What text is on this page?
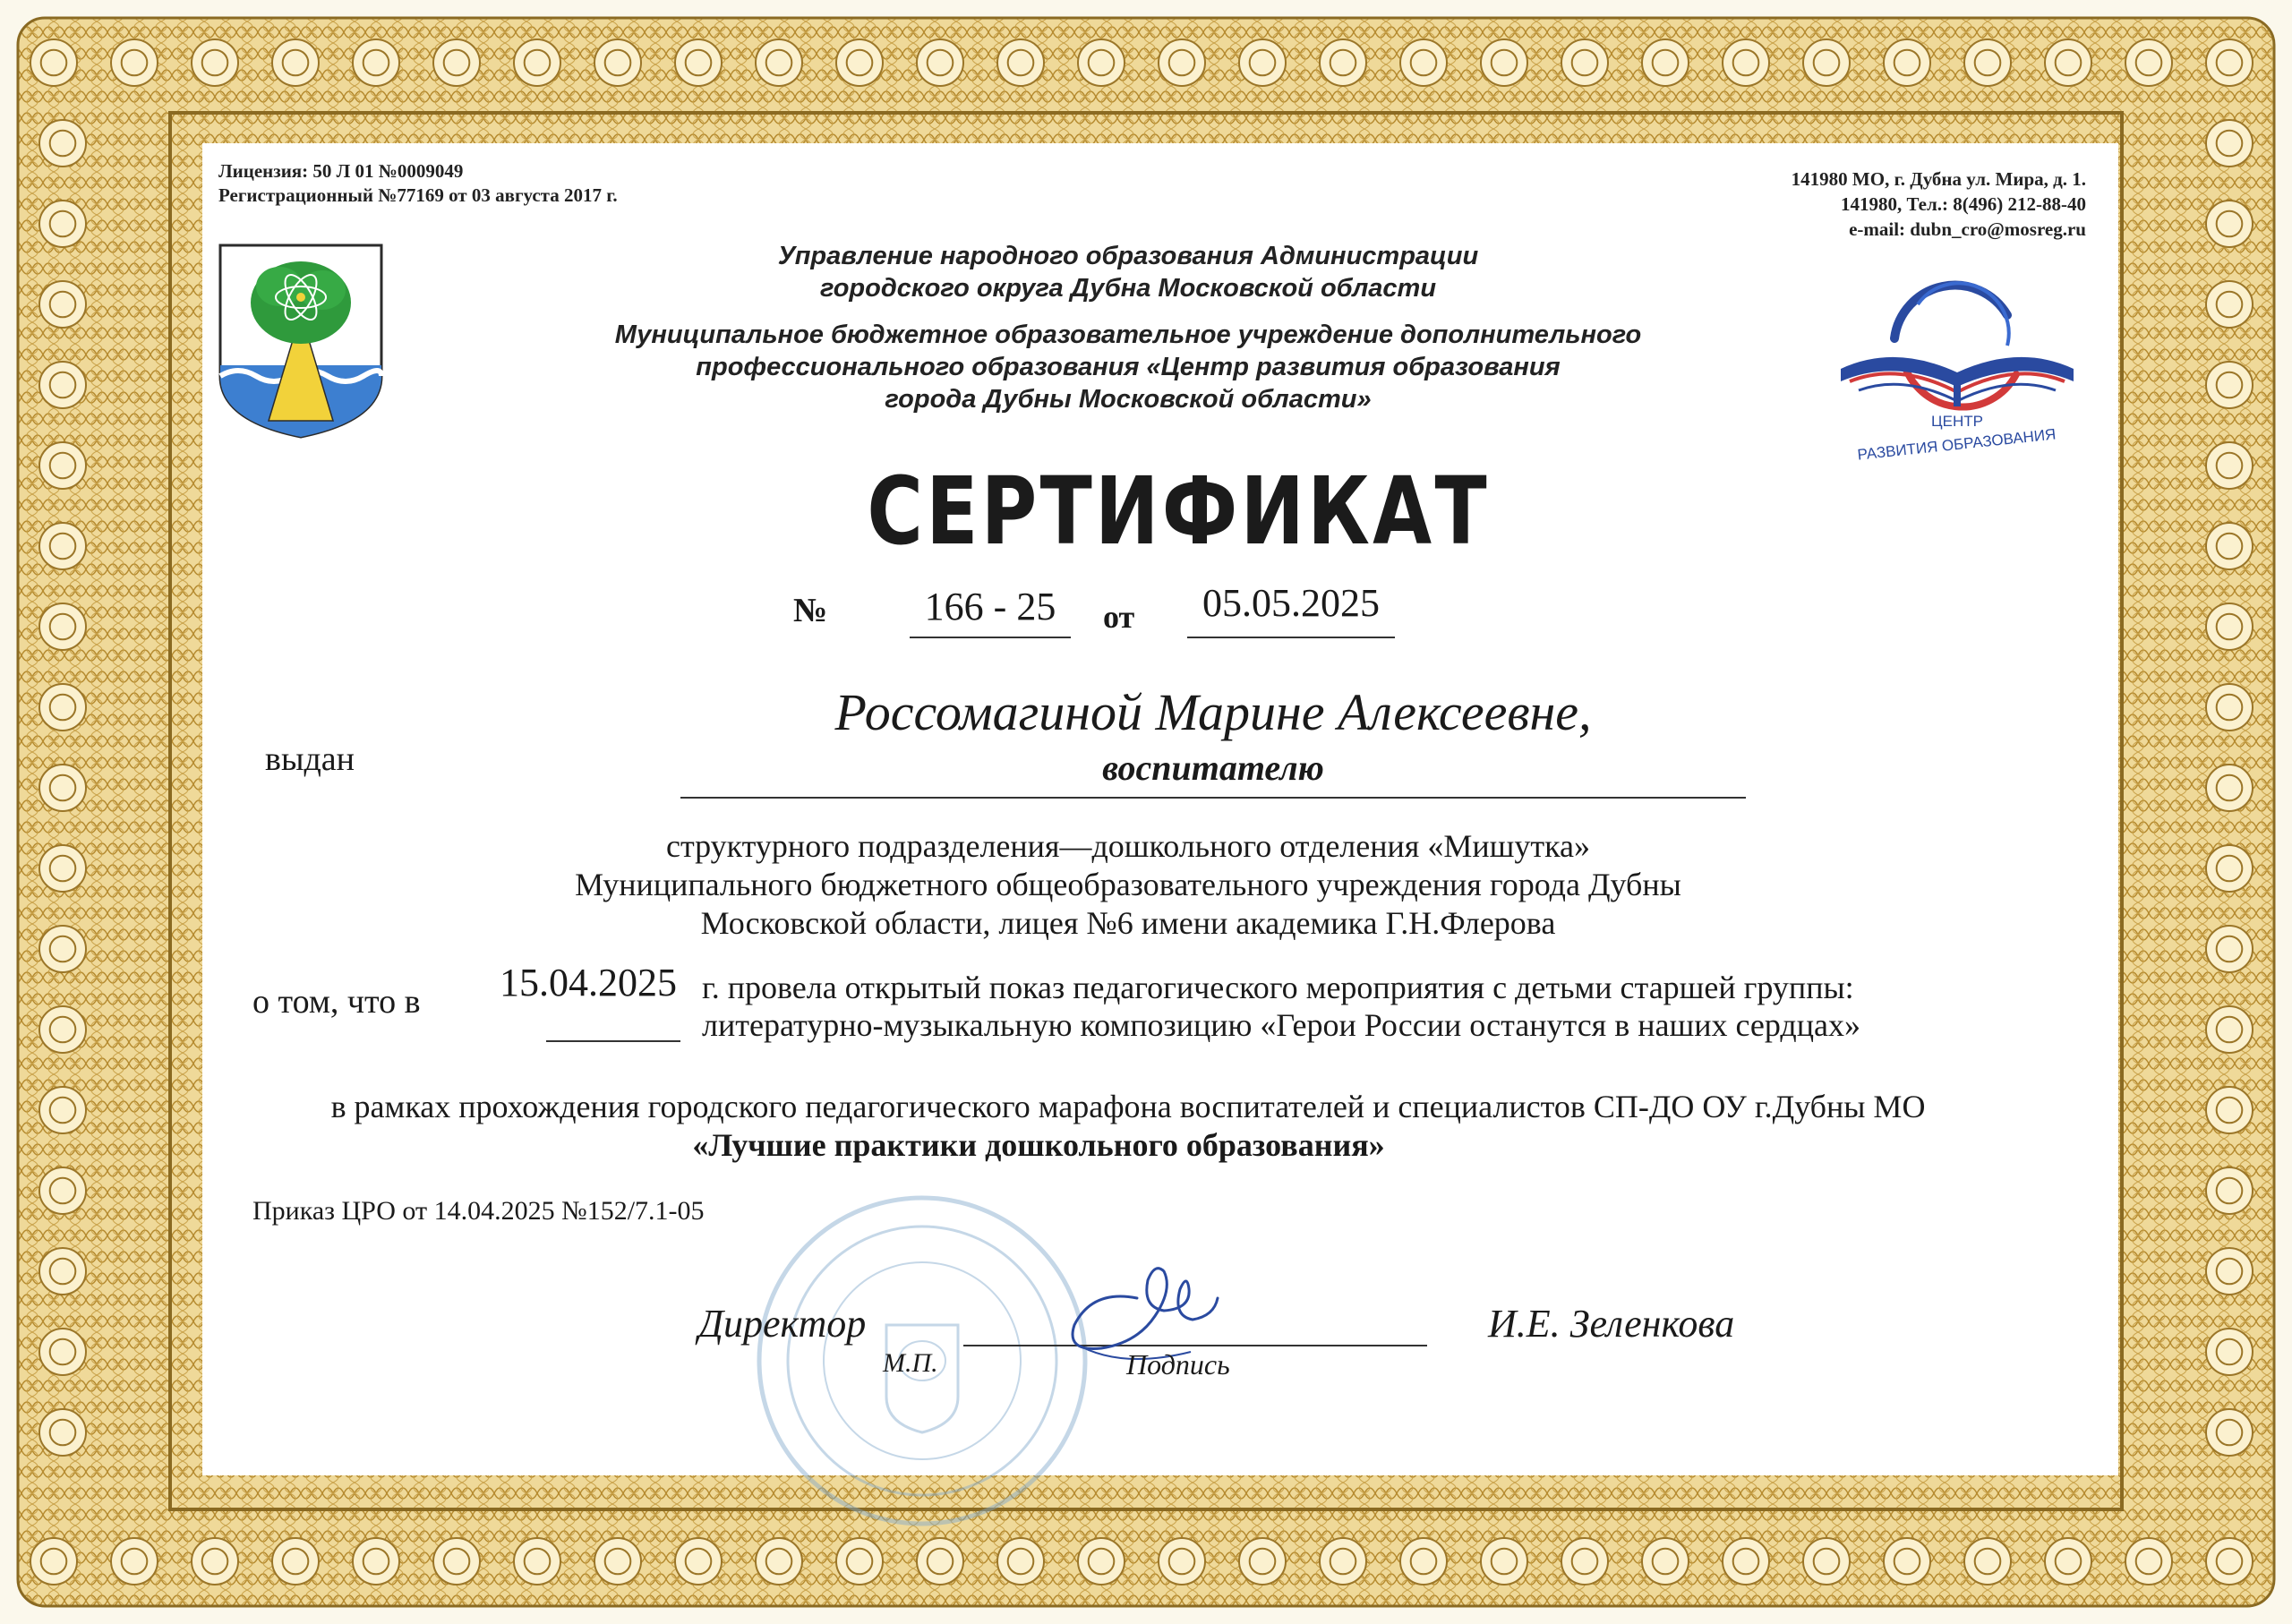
Лицензия: 50 Л 01 №0009049
Регистрационный №77169 от 03 августа 2017 г.
141980 МО, г. Дубна ул. Мира, д. 1.
141980, Тел.: 8(496) 212-88-40
e-mail: dubn_cro@mosreg.ru
Управление народного образования Администрации
городского округа Дубна Московской области
Муниципальное бюджетное образовательное учреждение дополнительного
профессионального образования «Центр развития образования
города Дубны Московской области»
ЦЕНТР
РАЗВИТИЯ ОБРАЗОВАНИЯ
СЕРТИФИКАТ
№	166 - 25	от	05.05.2025
выдан
Россомагиной Марине Алексеевне,
воспитателю
структурного подразделения—дошкольного отделения «Мишутка»
Муниципального бюджетного общеобразовательного учреждения города Дубны
Московской области, лицея №6 имени академика Г.Н.Флерова
о том, что в 15.04.2025 г. провела открытый показ педагогического мероприятия с детьми старшей группы:
литературно-музыкальную композицию «Герои России останутся в наших сердцах»
в рамках прохождения городского педагогического марафона воспитателей и специалистов СП-ДО ОУ г.Дубны МО
«Лучшие практики дошкольного образования»
Приказ ЦРО от 14.04.2025 №152/7.1-05
Директор
М.П.	Подпись
И.Е. Зеленкова
